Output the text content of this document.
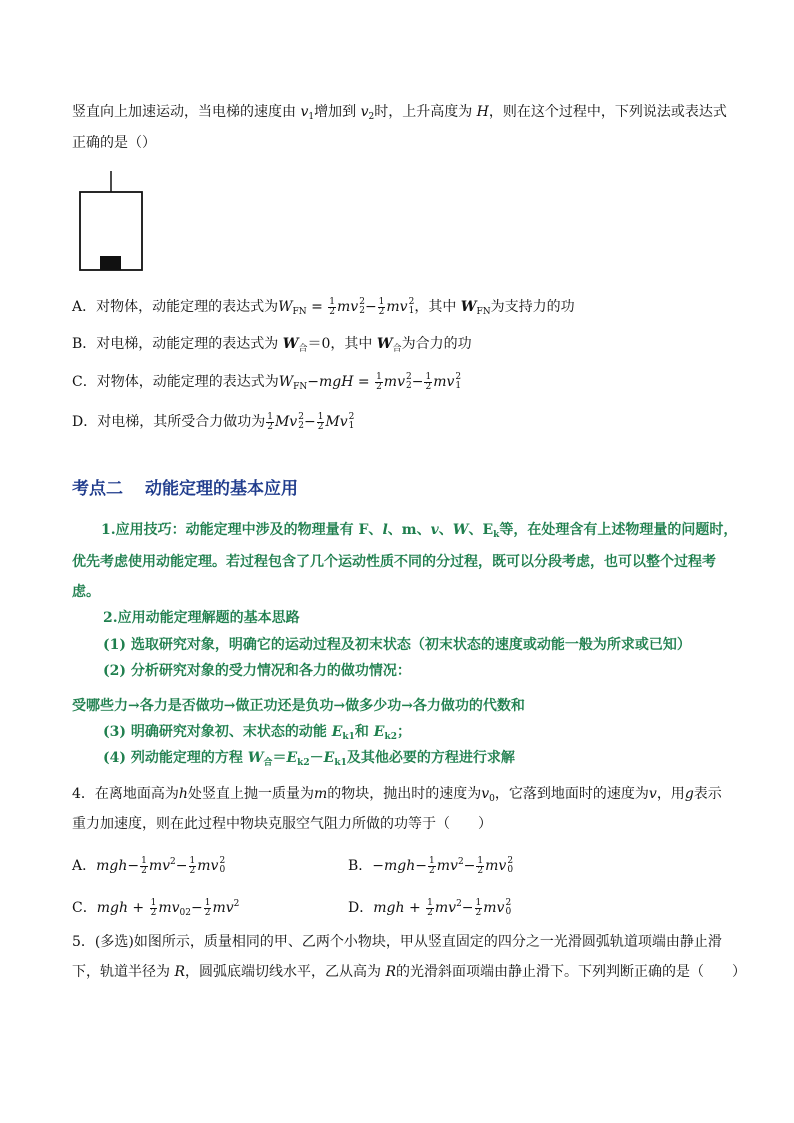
竖直向上加速运动，当电梯的速度由 $v_1$增加到 $v_2$时，上升高度为 H，则在这个过程中，下列说法或表达式
正确的是（）
A．对物体，动能定理的表达式为$W_{FN} = \frac{1}{2}$ mv 2
$2 - \frac{1}{2}$ mv 2
1 ，其中 $W_{FN}$为支持力的功
B．对电梯，动能定理的表达式为 $W_合=0$，其中 $W_合$为合力的功
C．对物体，动能定理的表达式为$W_{FN}-mgH = \frac{1}{2}$ mv 2
$2 - \frac{1}{2}$ mv 2
1
D．对电梯，其所受合力做功为 $\frac{1}{2}$ Mv 2
$2 - \frac{1}{2}$ Mv 2
1
考点二 动能定理的基本应用
1.应用技巧：动能定理中涉及的物理量有 F、l、m、v、W、$E_k$等，在处理含有上述物理量的问题时，
优先考虑使用动能定理。若过程包含了几个运动性质不同的分过程，既可以分段考虑，也可以整个过程考
虑。
2.应用动能定理解题的基本思路
(1) 选取研究对象，明确它的运动过程及初末状态（初末状态的速度或动能一般为所求或已知）
(2) 分析研究对象的受力情况和各力的做功情况：
受哪些力→各力是否做功→做正功还是负功→做多少功→各力做功的代数和
(3) 明确研究对象初、末状态的动能 $E_{k1}$和 $E_{k2}$；
(4) 列动能定理的方程 $W_合=E_{k2}-E_{k1}$及其他必要的方程进行求解
4．在离地面高为h处竖直上抛一质量为m的物块，抛出时的速度为$v_0$，它落到地面时的速度为v，用g表示
重力加速度，则在此过程中物块克服空气阻力所做的功等于（　　）
A．$mgh- \frac{1}{2} mv^2- \frac{1}{2}$ mv 2
0	B．$-mgh- \frac{1}{2} mv^2- \frac{1}{2}$ mv 2
0
C．mgh + $\frac{1}{2} mv_{02}- \frac{1}{2} mv^2$	D．mgh + $\frac{1}{2} mv^2- \frac{1}{2}$ mv 2
0
5．(多选)如图所示，质量相同的甲、乙两个小物块，甲从竖直固定的四分之一光滑圆弧轨道项端由静止滑
下，轨道半径为 R，圆弧底端切线水平，乙从高为 R的光滑斜面项端由静止滑下。下列判断正确的是（　　）
